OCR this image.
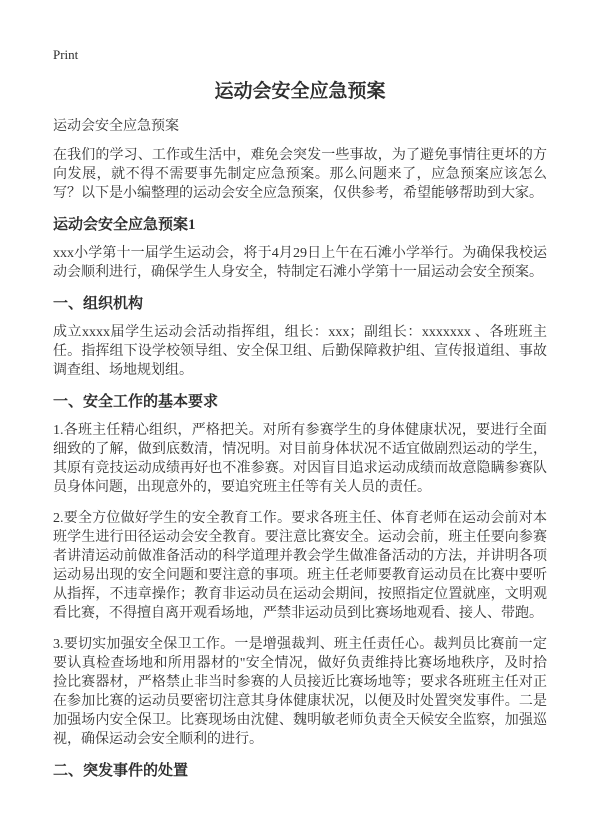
Print
运动会安全应急预案
运动会安全应急预案

在我们的学习、工作或生活中，难免会突发一些事故，为了避免事情往更坏的方向发展，就不得不需要事先制定应急预案。那么问题来了，应急预案应该怎么写？以下是小编整理的运动会安全应急预案，仅供参考，希望能够帮助到大家。

运动会安全应急预案1

xxx小学第十一届学生运动会，将于4月29日上午在石滩小学举行。为确保我校运动会顺利进行，确保学生人身安全，特制定石滩小学第十一届运动会安全预案。

一、组织机构

成立xxxx届学生运动会活动指挥组，组长：xxx；副组长：xxxxxxx 、各班班主任。指挥组下设学校领导组、安全保卫组、后勤保障救护组、宣传报道组、事故调查组、场地规划组。

一、安全工作的基本要求

1.各班主任精心组织，严格把关。对所有参赛学生的身体健康状况，要进行全面细致的了解，做到底数清，情况明。对目前身体状况不适宜做剧烈运动的学生，其原有竞技运动成绩再好也不准参赛。对因盲目追求运动成绩而故意隐瞒参赛队员身体问题，出现意外的，要追究班主任等有关人员的责任。

2.要全方位做好学生的安全教育工作。要求各班主任、体育老师在运动会前对本班学生进行田径运动会安全教育。要注意比赛安全。运动会前，班主任要向参赛者讲清运动前做准备活动的科学道理并教会学生做准备活动的方法，并讲明各项运动易出现的安全问题和要注意的事项。班主任老师要教育运动员在比赛中要听从指挥，不违章操作；教育非运动员在运动会期间，按照指定位置就座，文明观看比赛，不得擅自离开观看场地，严禁非运动员到比赛场地观看、接人、带跑。

3.要切实加强安全保卫工作。一是增强裁判、班主任责任心。裁判员比赛前一定要认真检查场地和所用器材的"安全情况，做好负责维持比赛场地秩序，及时拾捡比赛器材，严格禁止非当时参赛的人员接近比赛场地等；要求各班班主任对正在参加比赛的运动员要密切注意其身体健康状况，以便及时处置突发事件。二是加强场内安全保卫。比赛现场由沈健、魏明敏老师负责全天候安全监察，加强巡视，确保运动会安全顺利的进行。

二、突发事件的处置
